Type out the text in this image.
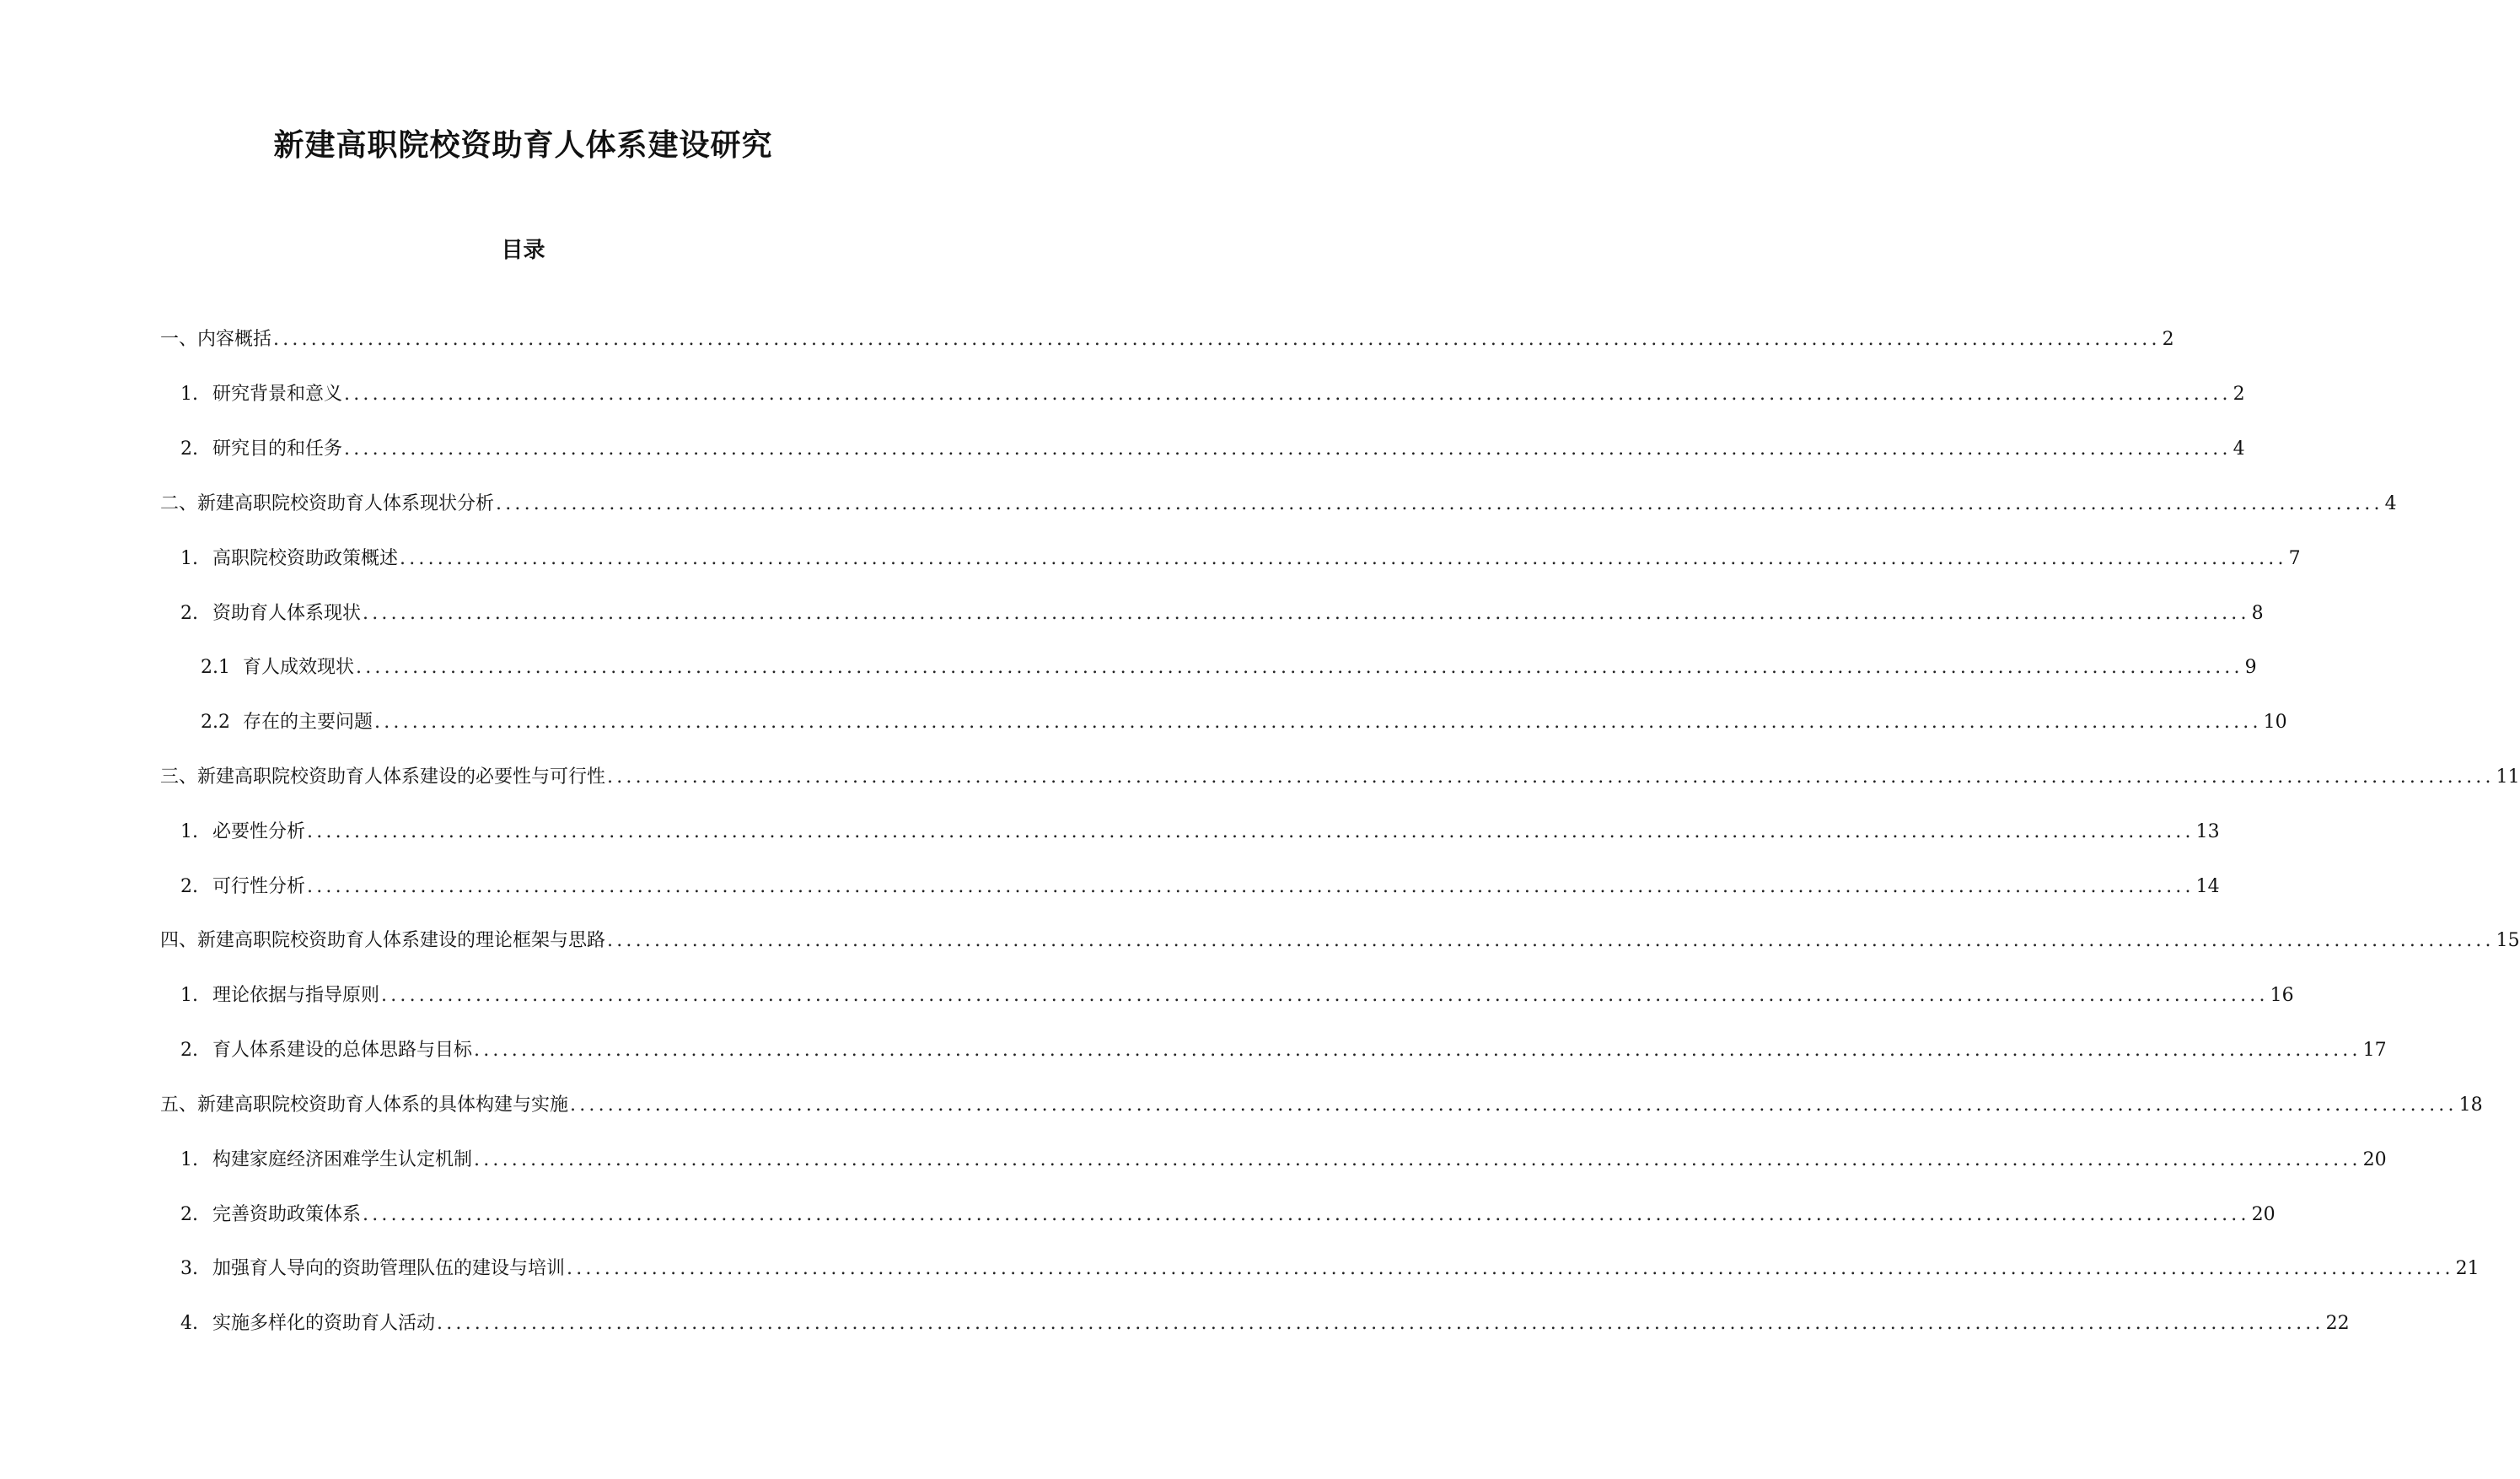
新建高职院校资助育人体系建设研究
目录
一、内容概括 ........................................................................................................................................................................................................ 2
1. 研究背景和意义 ........................................................................................................................................................................................................ 2
2. 研究目的和任务 ........................................................................................................................................................................................................ 4
二、新建高职院校资助育人体系现状分析 ........................................................................................................................................................................................................ 4
1. 高职院校资助政策概述 ........................................................................................................................................................................................................ 7
2. 资助育人体系现状 ........................................................................................................................................................................................................ 8
2.1 育人成效现状 ........................................................................................................................................................................................................ 9
2.2 存在的主要问题 ........................................................................................................................................................................................................ 10
三、新建高职院校资助育人体系建设的必要性与可行性 ........................................................................................................................................................................................................ 11
1. 必要性分析 ........................................................................................................................................................................................................ 13
2. 可行性分析 ........................................................................................................................................................................................................ 14
四、新建高职院校资助育人体系建设的理论框架与思路 ........................................................................................................................................................................................................ 15
1. 理论依据与指导原则 ........................................................................................................................................................................................................ 16
2. 育人体系建设的总体思路与目标 ........................................................................................................................................................................................................ 17
五、新建高职院校资助育人体系的具体构建与实施 ........................................................................................................................................................................................................ 18
1. 构建家庭经济困难学生认定机制 ........................................................................................................................................................................................................ 20
2. 完善资助政策体系 ........................................................................................................................................................................................................ 20
3. 加强育人导向的资助管理队伍的建设与培训 ........................................................................................................................................................................................................ 21
4. 实施多样化的资助育人活动 ........................................................................................................................................................................................................ 22
